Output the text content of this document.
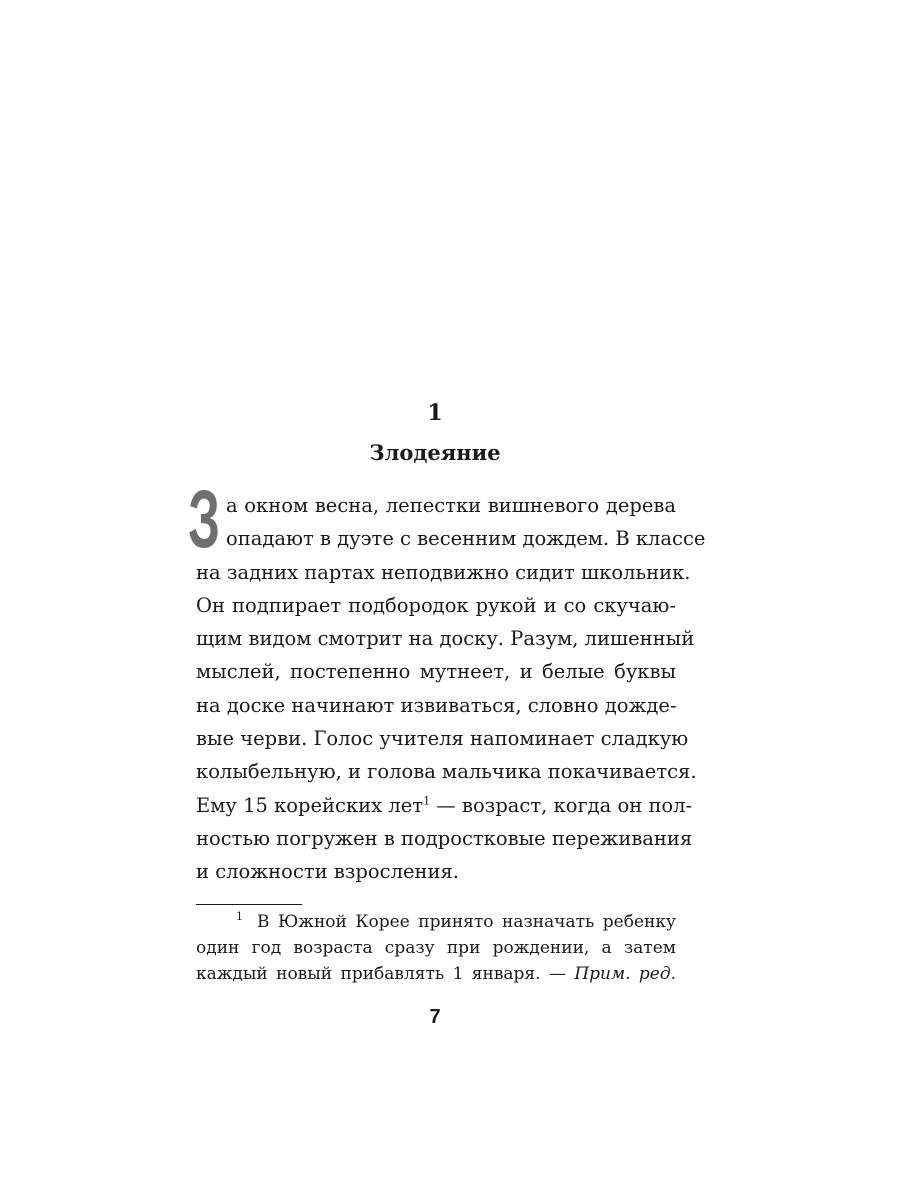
1
Злодеяние
З а окном весна, лепестки вишневого дерева
опадают в дуэте с весенним дождем. В классе
на задних партах неподвижно сидит школьник.
Он подпирает подбородок рукой и со скучаю-
щим видом смотрит на доску. Разум, лишенный
мыслей, постепенно мутнеет, и белые буквы
на доске начинают извиваться, словно дожде-
вые черви. Голос учителя напоминает сладкую
колыбельную, и голова мальчика покачивается.
Ему 15 корейских лет$^1$ — возраст, когда он пол-
ностью погружен в подростковые переживания
и сложности взросления.
$^1$ В Южной Корее принято назначать ребенку
один год возраста сразу при рождении, а затем
каждый новый прибавлять 1 января. — Прим. ред.
7
